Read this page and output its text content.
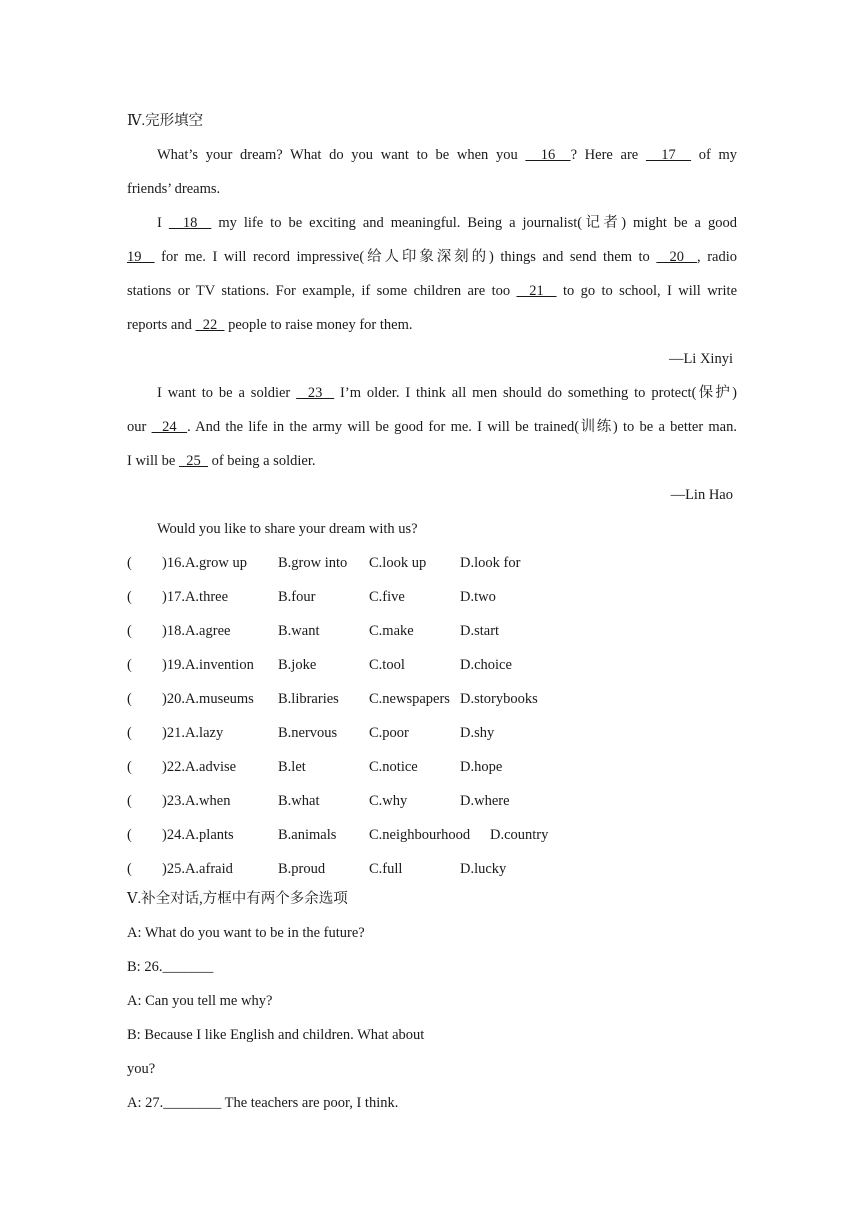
Ⅳ.完形填空
What’s your dream? What do you want to be when you   16  ? Here are   17   of my
friends’ dreams.
I   18   my life to be exciting and meaningful. Being a journalist(记者) might be a good
19   for me. I will record impressive(给人印象深刻的) things and send them to   20  , radio
stations or TV stations. For example, if some children are too   21   to go to school, I will write
reports and   22   people to raise money for them.
—Li Xinyi
I want to be a soldier   23   I’m older. I think all men should do something to protect(保护)
our   24  . And the life in the army will be good for me. I will be trained(训练) to be a better man.
I will be   25   of being a soldier.
—Lin Hao
Would you like to share your dream with us?
( )16.A.grow up B.grow into C.look up D.look for
( )17.A.three	B.four	C.five	D.two
( )18.A.agree	B.want	C.make	D.start
( )19.A.invention B.joke	C.tool	D.choice
( )20.A.museums B.libraries C.newspapers D.storybooks
( )21.A.lazy	B.nervous C.poor	D.shy
( )22.A.advise	B.let	C.notice	D.hope
( )23.A.when	B.what	C.why	D.where
( )24.A.plants	B.animals C.neighbourhood D.country
( )25.A.afraid	B.proud	C.full	D.lucky
Ⅴ.补全对话,方框中有两个多余选项
A: What do you want to be in the future?
B: 26._______
A: Can you tell me why?
B: Because I like English and children. What about
you?
A: 27.________ The teachers are poor, I think.
